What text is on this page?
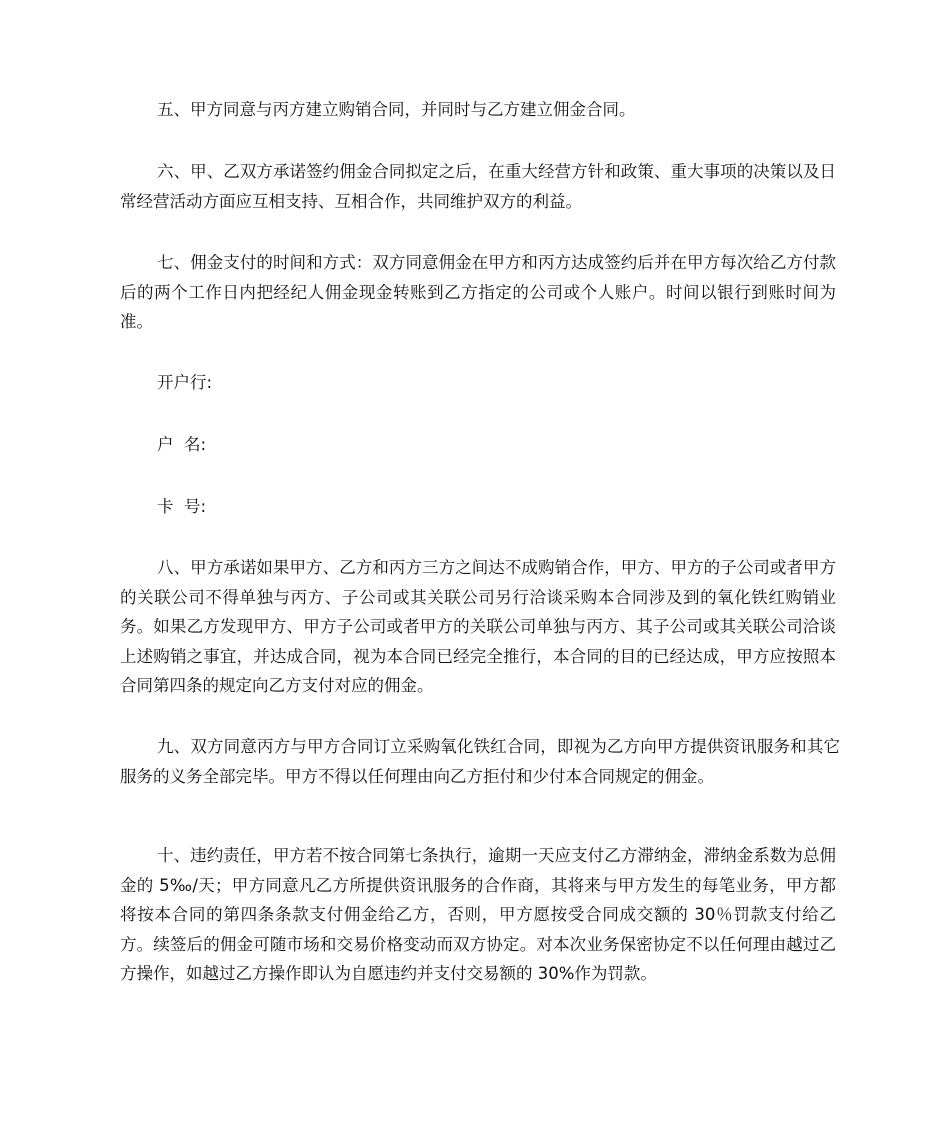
五、甲方同意与丙方建立购销合同，并同时与乙方建立佣金合同。

六、甲、乙双方承诺签约佣金合同拟定之后，在重大经营方针和政策、重大事项的决策以及日常经营活动方面应互相支持、互相合作，共同维护双方的利益。

七、佣金支付的时间和方式：双方同意佣金在甲方和丙方达成签约后并在甲方每次给乙方付款后的两个工作日内把经纪人佣金现金转账到乙方指定的公司或个人账户。时间以银行到账时间为准。

开户行:

户  名:

卡  号:

八、甲方承诺如果甲方、乙方和丙方三方之间达不成购销合作，甲方、甲方的子公司或者甲方的关联公司不得单独与丙方、子公司或其关联公司另行洽谈采购本合同涉及到的氧化铁红购销业务。如果乙方发现甲方、甲方子公司或者甲方的关联公司单独与丙方、其子公司或其关联公司洽谈上述购销之事宜，并达成合同，视为本合同已经完全推行，本合同的目的已经达成，甲方应按照本合同第四条的规定向乙方支付对应的佣金。

九、双方同意丙方与甲方合同订立采购氧化铁红合同，即视为乙方向甲方提供资讯服务和其它服务的义务全部完毕。甲方不得以任何理由向乙方拒付和少付本合同规定的佣金。

十、违约责任，甲方若不按合同第七条执行，逾期一天应支付乙方滞纳金，滞纳金系数为总佣金的 5‰/天；甲方同意凡乙方所提供资讯服务的合作商，其将来与甲方发生的每笔业务，甲方都将按本合同的第四条条款支付佣金给乙方，否则，甲方愿按受合同成交额的 30％罚款支付给乙方。续签后的佣金可随市场和交易价格变动而双方协定。对本次业务保密协定不以任何理由越过乙方操作，如越过乙方操作即认为自愿违约并支付交易额的 30%作为罚款。
